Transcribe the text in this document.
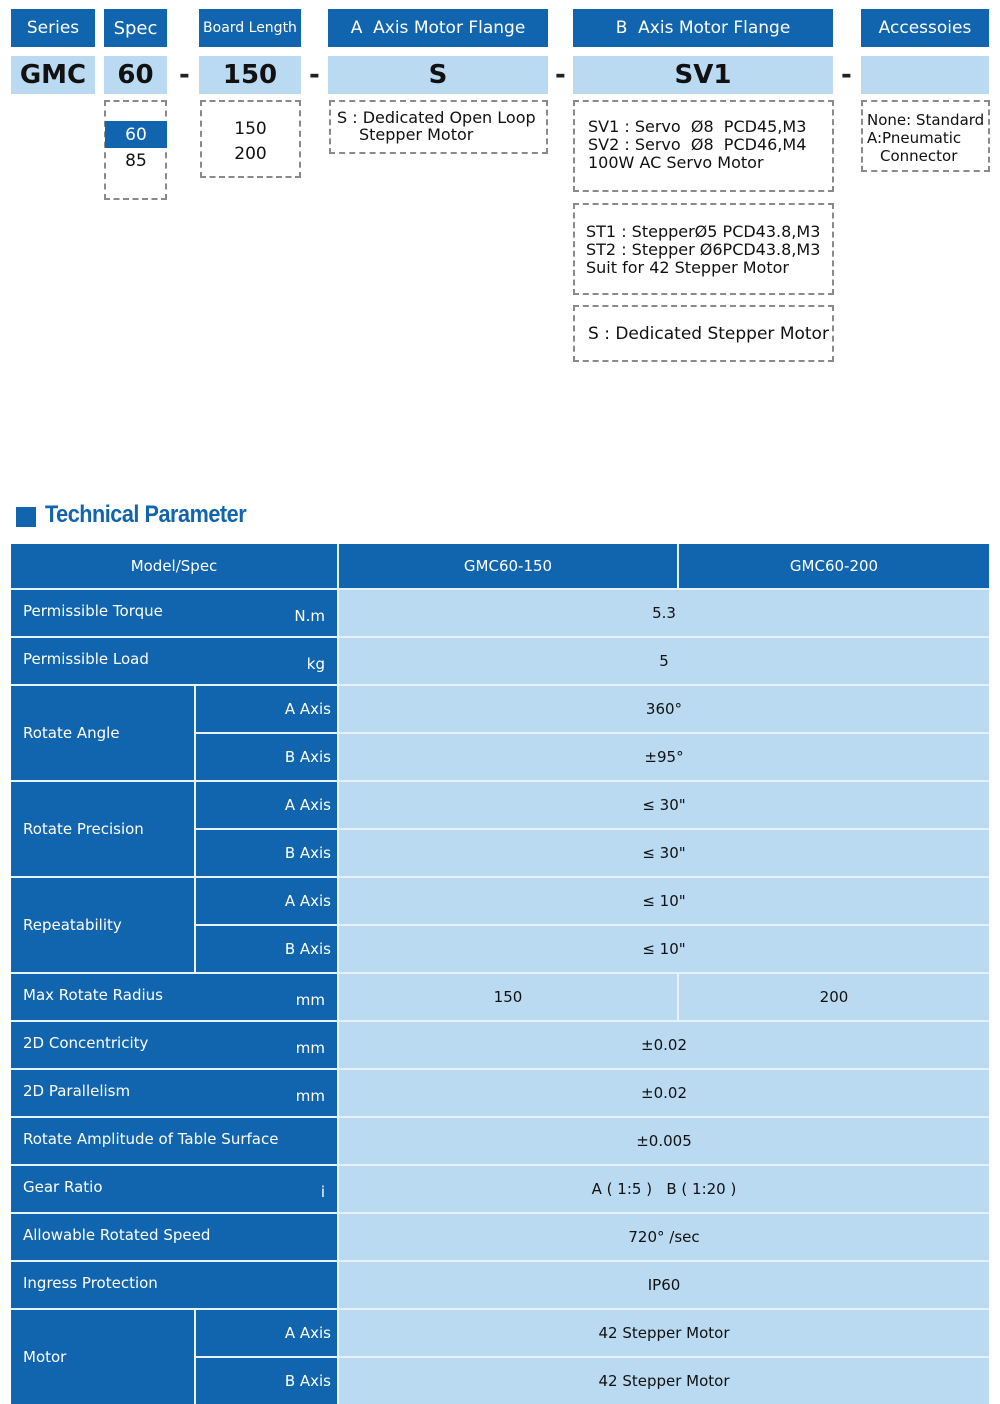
Series Spec	Board Length	A  Axis Motor Flange	B  Axis Motor Flange	Accessoies
GMC 60 - 150 -	S	-	SV1	-
60
85
150
200
S : Dedicated Open Loop
Stepper Motor	SV1 : Servo  Ø8  PCD45,M3
SV2 : Servo  Ø8  PCD46,M4
100W AC Servo Motor
ST1 : StepperØ5 PCD43.8,M3
ST2 : Stepper Ø6PCD43.8,M3
Suit for 42 Stepper Motor
S : Dedicated Stepper Motor
None: Standard
A:Pneumatic
Connector
Technical Parameter
Model/Spec	GMC60-150	GMC60-200
Permissible Torque	N.m	5.3
Permissible Load	kg	5
Rotate Angle
A Axis	360°
B Axis	±95°
Rotate Precision
A Axis	≤ 30"
B Axis	≤ 30"
Repeatability
A Axis	≤ 10"
B Axis	≤ 10"
Max Rotate Radius	mm	150	200
2D Concentricity	mm	±0.02
2D Parallelism	mm	±0.02
Rotate Amplitude of Table Surface	±0.005
Gear Ratio	i	A ( 1:5 )   B ( 1:20 )
Allowable Rotated Speed	720° /sec
Ingress Protection	IP60
Motor
A Axis	42 Stepper Motor
B Axis	42 Stepper Motor
